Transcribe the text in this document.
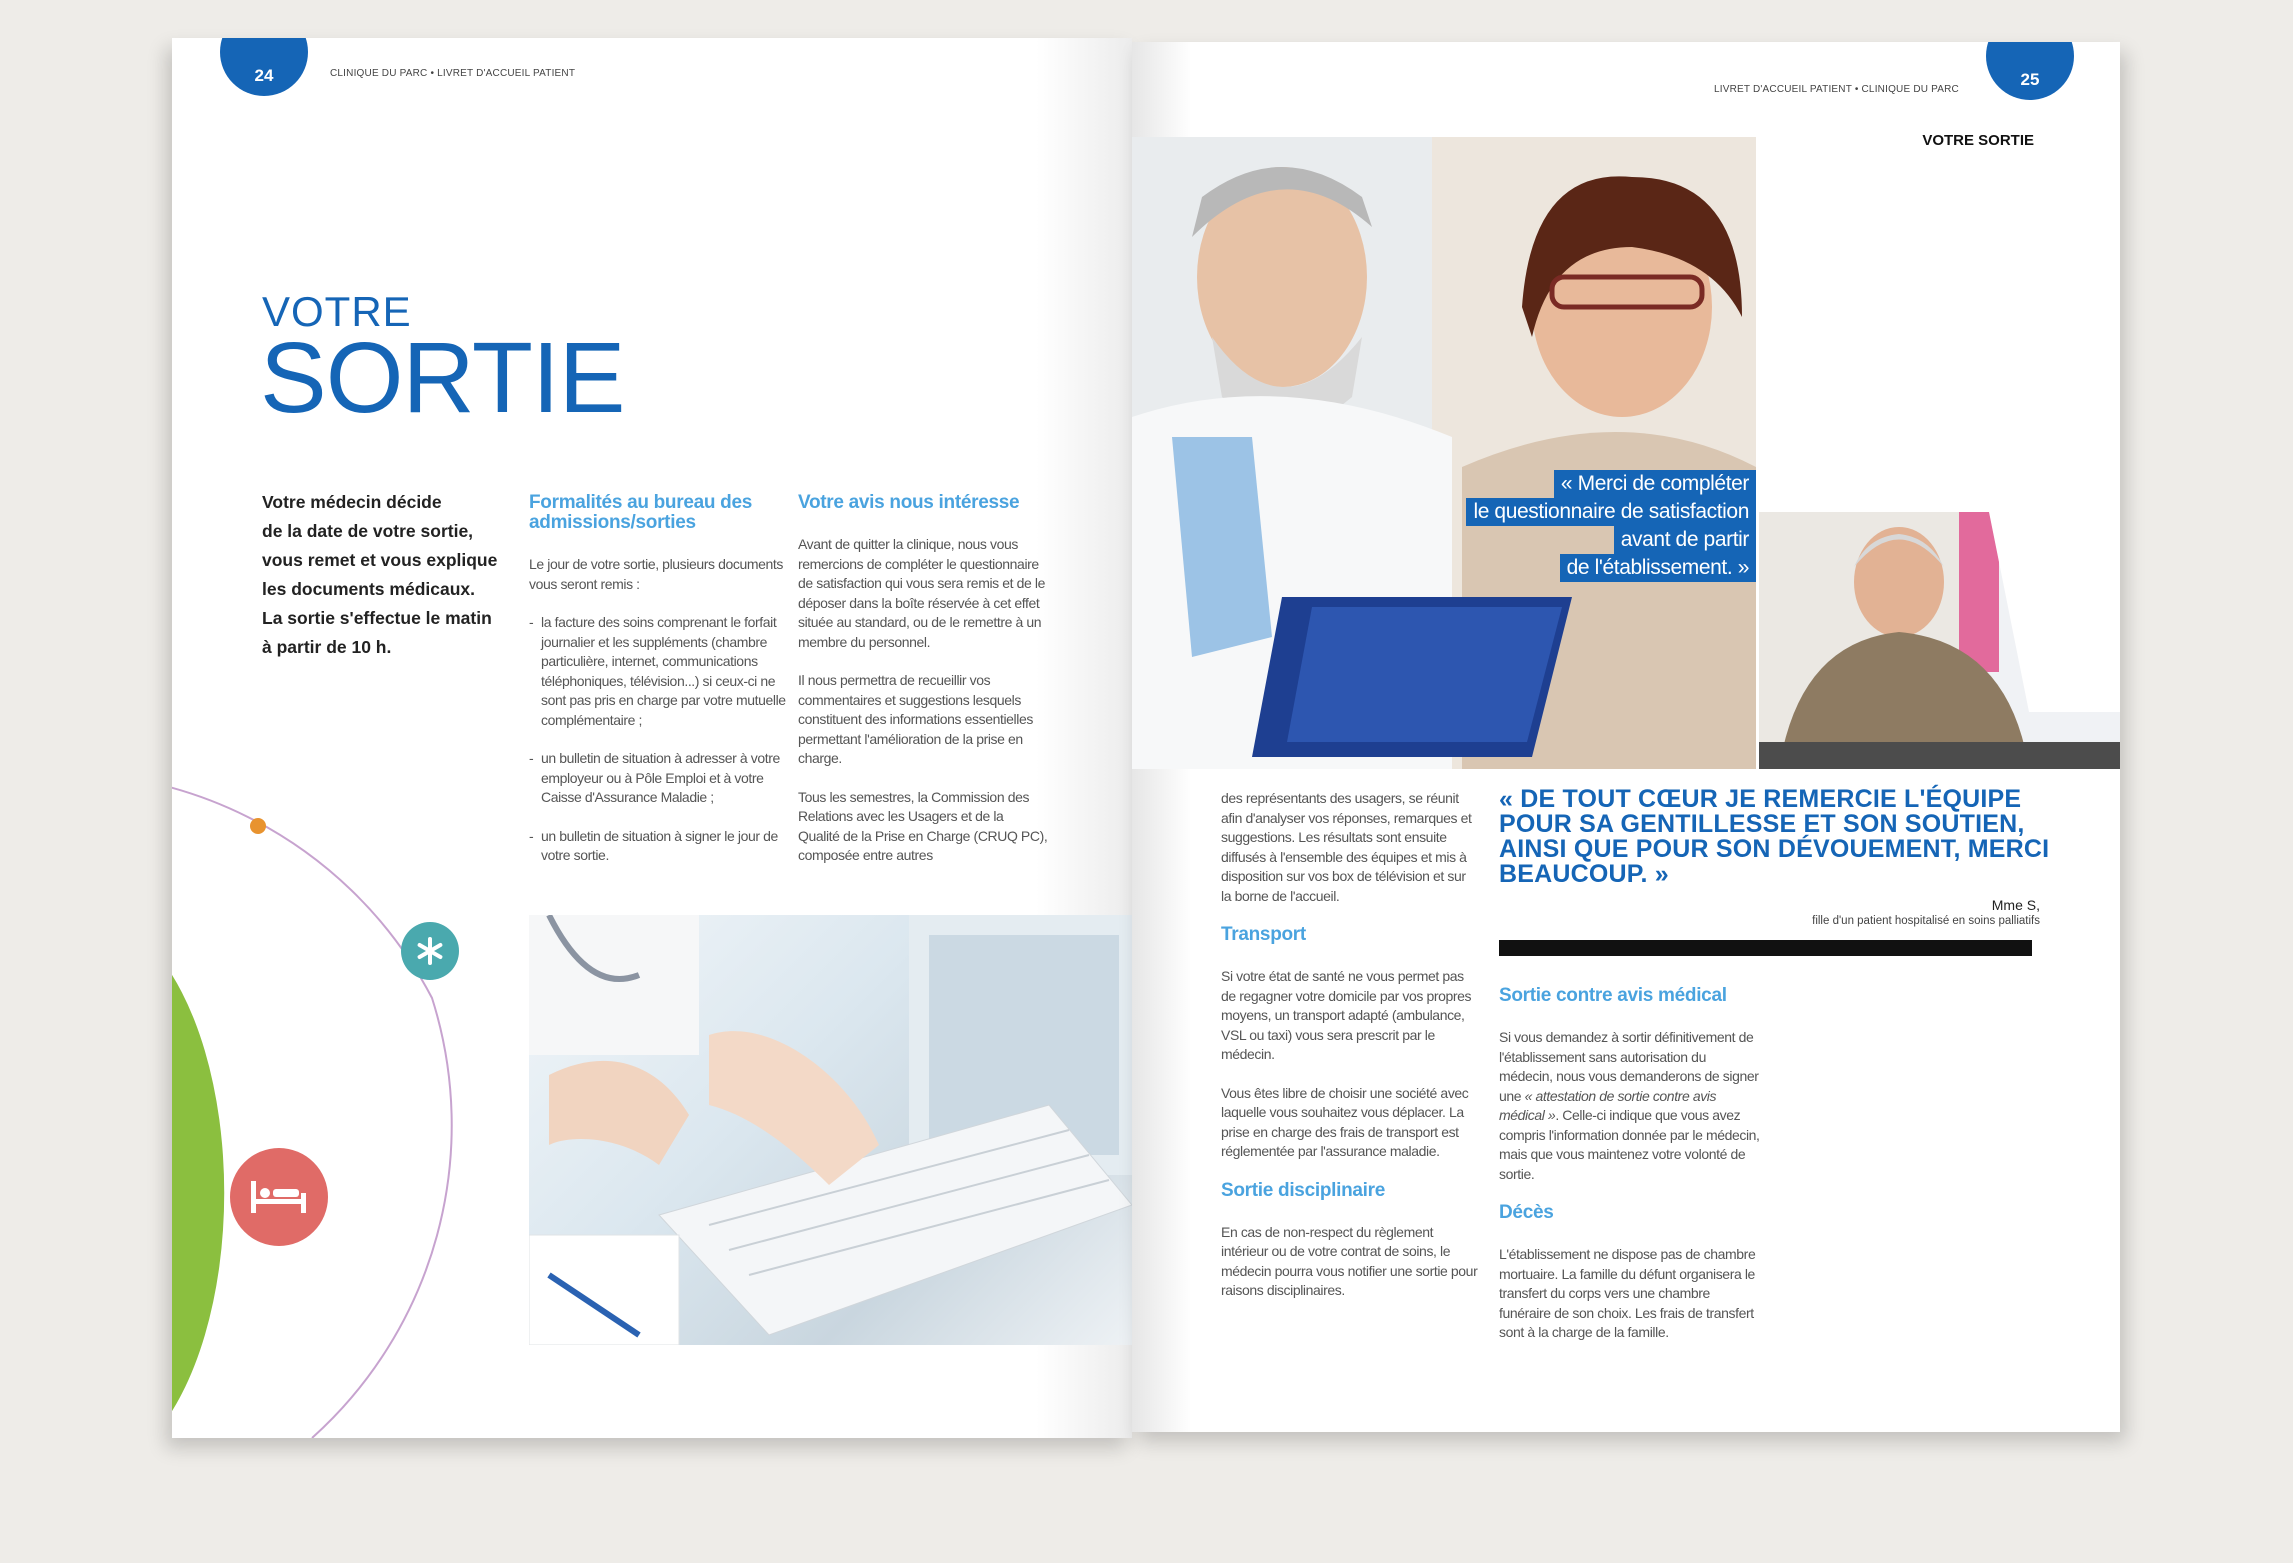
24	CLINIQUE DU PARC • LIVRET D'ACCUEIL PATIENT
VOTRE
SORTIE
Votre médecin décide
de la date de votre sortie,
vous remet et vous explique
les documents médicaux.
La sortie s'effectue le matin
à partir de 10 h.
Formalités au bureau des admissions/sorties

Le jour de votre sortie, plusieurs documents vous seront remis :

- la facture des soins comprenant le forfait journalier et les suppléments (chambre particulière, internet, communications téléphoniques, télévision...) si ceux-ci ne sont pas pris en charge par votre mutuelle complémentaire ;
- un bulletin de situation à adresser à votre employeur ou à Pôle Emploi et à votre Caisse d'Assurance Maladie ;
- un bulletin de situation à signer le jour de votre sortie.
Votre avis nous intéresse

Avant de quitter la clinique, nous vous remercions de compléter le questionnaire de satisfaction qui vous sera remis et de le déposer dans la boîte réservée à cet effet située au standard, ou de le remettre à un membre du personnel.

Il nous permettra de recueillir vos commentaires et suggestions lesquels constituent des informations essentielles permettant l'amélioration de la prise en charge.

Tous les semestres, la Commission des Relations avec les Usagers et de la Qualité de la Prise en Charge (CRUQ PC), composée entre autres

25
LIVRET D'ACCUEIL PATIENT • CLINIQUE DU PARC
VOTRE SORTIE
« Merci de compléter
le questionnaire de satisfaction
avant de partir
de l'établissement. »

des représentants des usagers, se réunit afin d'analyser vos réponses, remarques et suggestions. Les résultats sont ensuite diffusés à l'ensemble des équipes et mis à disposition sur vos box de télévision et sur la borne de l'accueil.

Transport

Si votre état de santé ne vous permet pas de regagner votre domicile par vos propres moyens, un transport adapté (ambulance, VSL ou taxi) vous sera prescrit par le médecin.

Vous êtes libre de choisir une société avec laquelle vous souhaitez vous déplacer. La prise en charge des frais de transport est réglementée par l'assurance maladie.

Sortie disciplinaire

En cas de non-respect du règlement intérieur ou de votre contrat de soins, le médecin pourra vous notifier une sortie pour raisons disciplinaires.

« DE TOUT CŒUR JE REMERCIE L'ÉQUIPE POUR SA GENTILLESSE ET SON SOUTIEN, AINSI QUE POUR SON DÉVOUEMENT, MERCI BEAUCOUP. »
Mme S,
fille d'un patient hospitalisé en soins palliatifs
Sortie contre avis médical

Si vous demandez à sortir définitivement de l'établissement sans autorisation du médecin, nous vous demanderons de signer une « attestation de sortie contre avis médical ». Celle-ci indique que vous avez compris l'information donnée par le médecin, mais que vous maintenez votre volonté de sortie.

Décès

L'établissement ne dispose pas de chambre mortuaire. La famille du défunt organisera le transfert du corps vers une chambre funéraire de son choix. Les frais de transfert sont à la charge de la famille.
